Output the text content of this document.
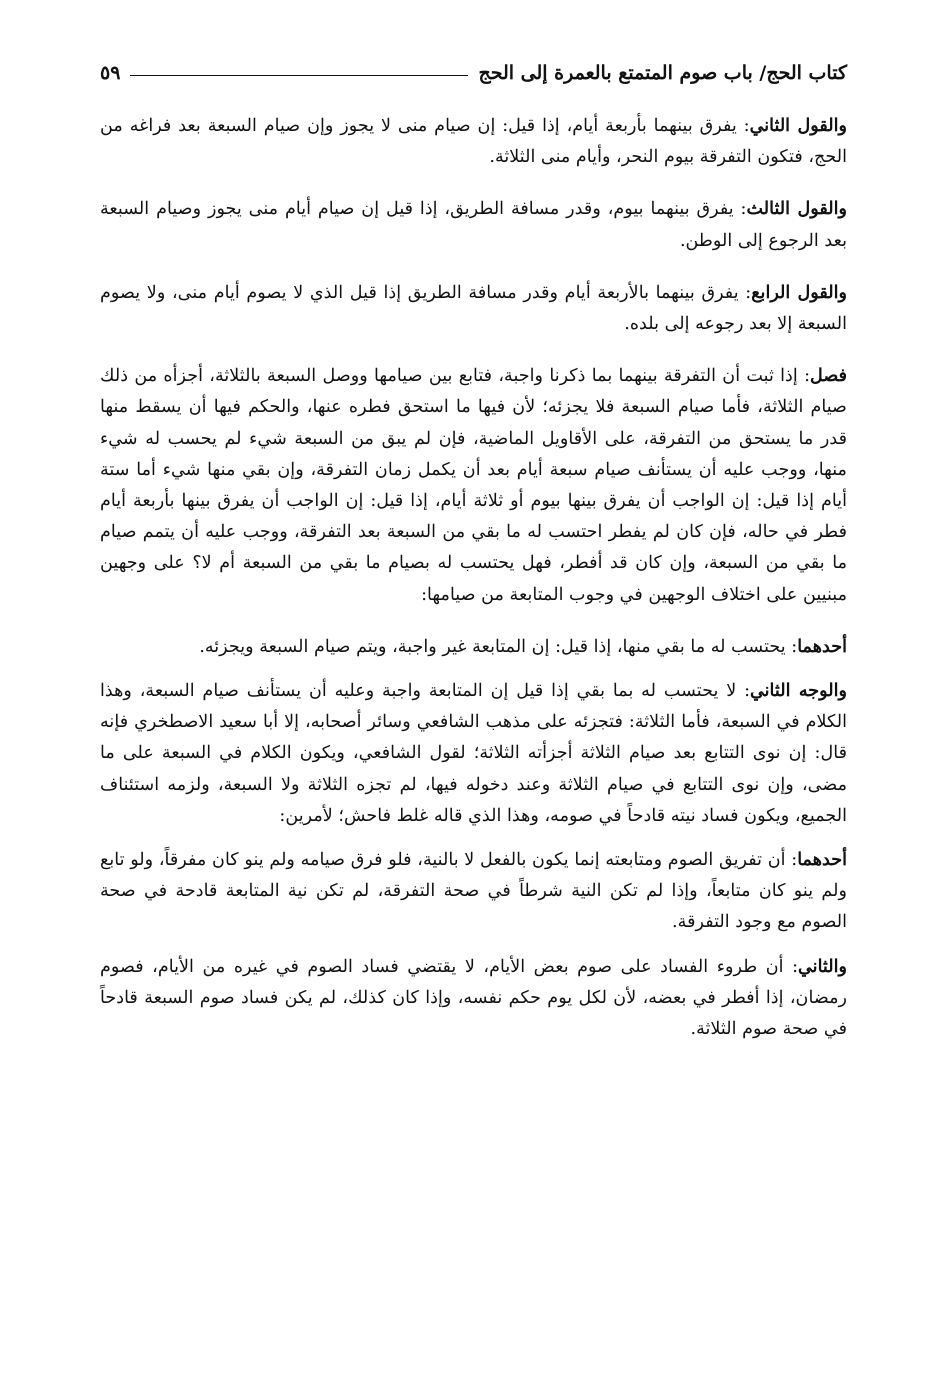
كتاب الحج/ باب صوم المتمتع بالعمرة إلى الحج
٥٩

والقول الثاني: يفرق بينهما بأربعة أيام، إذا قيل: إن صيام منى لا يجوز وإن صيام السبعة بعد فراغه من الحج، فتكون التفرقة بيوم النحر، وأيام منى الثلاثة.

والقول الثالث: يفرق بينهما بيوم، وقدر مسافة الطريق، إذا قيل إن صيام أيام منى يجوز وصيام السبعة بعد الرجوع إلى الوطن.

والقول الرابع: يفرق بينهما بالأربعة أيام وقدر مسافة الطريق إذا قيل الذي لا يصوم أيام منى، ولا يصوم السبعة إلا بعد رجوعه إلى بلده.

فصل: إذا ثبت أن التفرقة بينهما بما ذكرنا واجبة، فتابع بين صيامها ووصل السبعة بالثلاثة، أجزأه من ذلك صيام الثلاثة، فأما صيام السبعة فلا يجزئه؛ لأن فيها ما استحق فطره عنها، والحكم فيها أن يسقط منها قدر ما يستحق من التفرقة، على الأقاويل الماضية، فإن لم يبق من السبعة شيء لم يحسب له شيء منها، ووجب عليه أن يستأنف صيام سبعة أيام بعد أن يكمل زمان التفرقة، وإن بقي منها شيء أما ستة أيام إذا قيل: إن الواجب أن يفرق بينها بيوم أو ثلاثة أيام، إذا قيل: إن الواجب أن يفرق بينها بأربعة أيام فطر في حاله، فإن كان لم يفطر احتسب له ما بقي من السبعة بعد التفرقة، ووجب عليه أن يتمم صيام ما بقي من السبعة، وإن كان قد أفطر، فهل يحتسب له بصيام ما بقي من السبعة أم لا؟ على وجهين مبنيين على اختلاف الوجهين في وجوب المتابعة من صيامها:

أحدهما: يحتسب له ما بقي منها، إذا قيل: إن المتابعة غير واجبة، ويتم صيام السبعة ويجزئه.

والوجه الثاني: لا يحتسب له بما بقي إذا قيل إن المتابعة واجبة وعليه أن يستأنف صيام السبعة، وهذا الكلام في السبعة، فأما الثلاثة: فتجزئه على مذهب الشافعي وسائر أصحابه، إلا أبا سعيد الاصطخري فإنه قال: إن نوى التتابع بعد صيام الثلاثة أجزأته الثلاثة؛ لقول الشافعي، ويكون الكلام في السبعة على ما مضى، وإن نوى التتابع في صيام الثلاثة وعند دخوله فيها، لم تجزه الثلاثة ولا السبعة، ولزمه استئناف الجميع، ويكون فساد نيته قادحاً في صومه، وهذا الذي قاله غلط فاحش؛ لأمرين:

أحدهما: أن تفريق الصوم ومتابعته إنما يكون بالفعل لا بالنية، فلو فرق صيامه ولم ينو كان مفرقاً، ولو تابع ولم ينو كان متابعاً، وإذا لم تكن النية شرطاً في صحة التفرقة، لم تكن نية المتابعة قادحة في صحة الصوم مع وجود التفرقة.

والثاني: أن طروء الفساد على صوم بعض الأيام، لا يقتضي فساد الصوم في غيره من الأيام، فصوم رمضان، إذا أفطر في بعضه، لأن لكل يوم حكم نفسه، وإذا كان كذلك، لم يكن فساد صوم السبعة قادحاً في صحة صوم الثلاثة.
